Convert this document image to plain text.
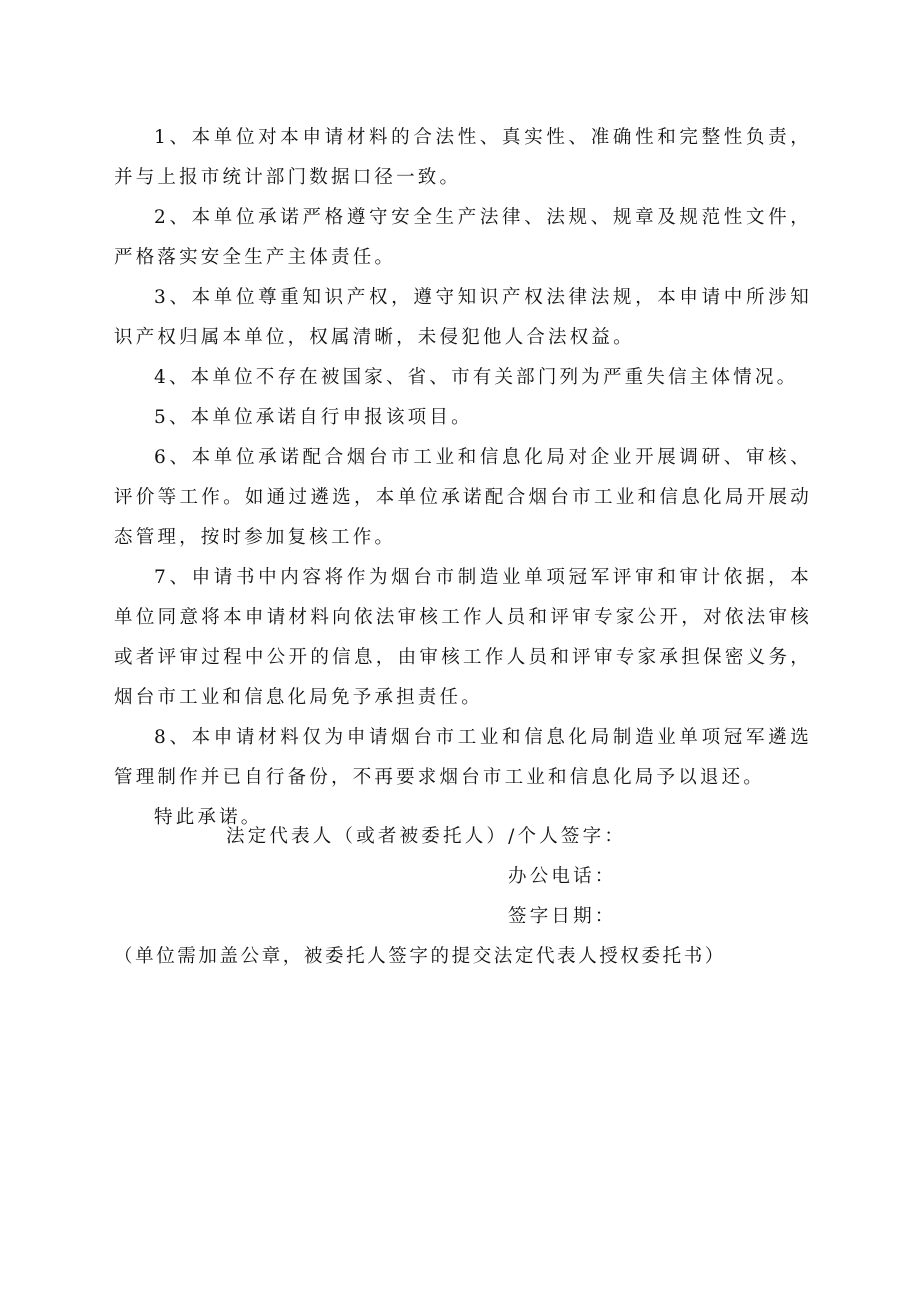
1、本单位对本申请材料的合法性、真实性、准确性和完整性负责，并与上报市统计部门数据口径一致。

2、本单位承诺严格遵守安全生产法律、法规、规章及规范性文件，严格落实安全生产主体责任。

3、本单位尊重知识产权，遵守知识产权法律法规，本申请中所涉知识产权归属本单位，权属清晰，未侵犯他人合法权益。

4、本单位不存在被国家、省、市有关部门列为严重失信主体情况。

5、本单位承诺自行申报该项目。

6、本单位承诺配合烟台市工业和信息化局对企业开展调研、审核、评价等工作。如通过遴选，本单位承诺配合烟台市工业和信息化局开展动态管理，按时参加复核工作。

7、申请书中内容将作为烟台市制造业单项冠军评审和审计依据，本单位同意将本申请材料向依法审核工作人员和评审专家公开，对依法审核或者评审过程中公开的信息，由审核工作人员和评审专家承担保密义务，烟台市工业和信息化局免予承担责任。

8、本申请材料仅为申请烟台市工业和信息化局制造业单项冠军遴选管理制作并已自行备份，不再要求烟台市工业和信息化局予以退还。

特此承诺。

法定代表人（或者被委托人）/个人签字：
办公电话：
签字日期：
（单位需加盖公章，被委托人签字的提交法定代表人授权委托书）
